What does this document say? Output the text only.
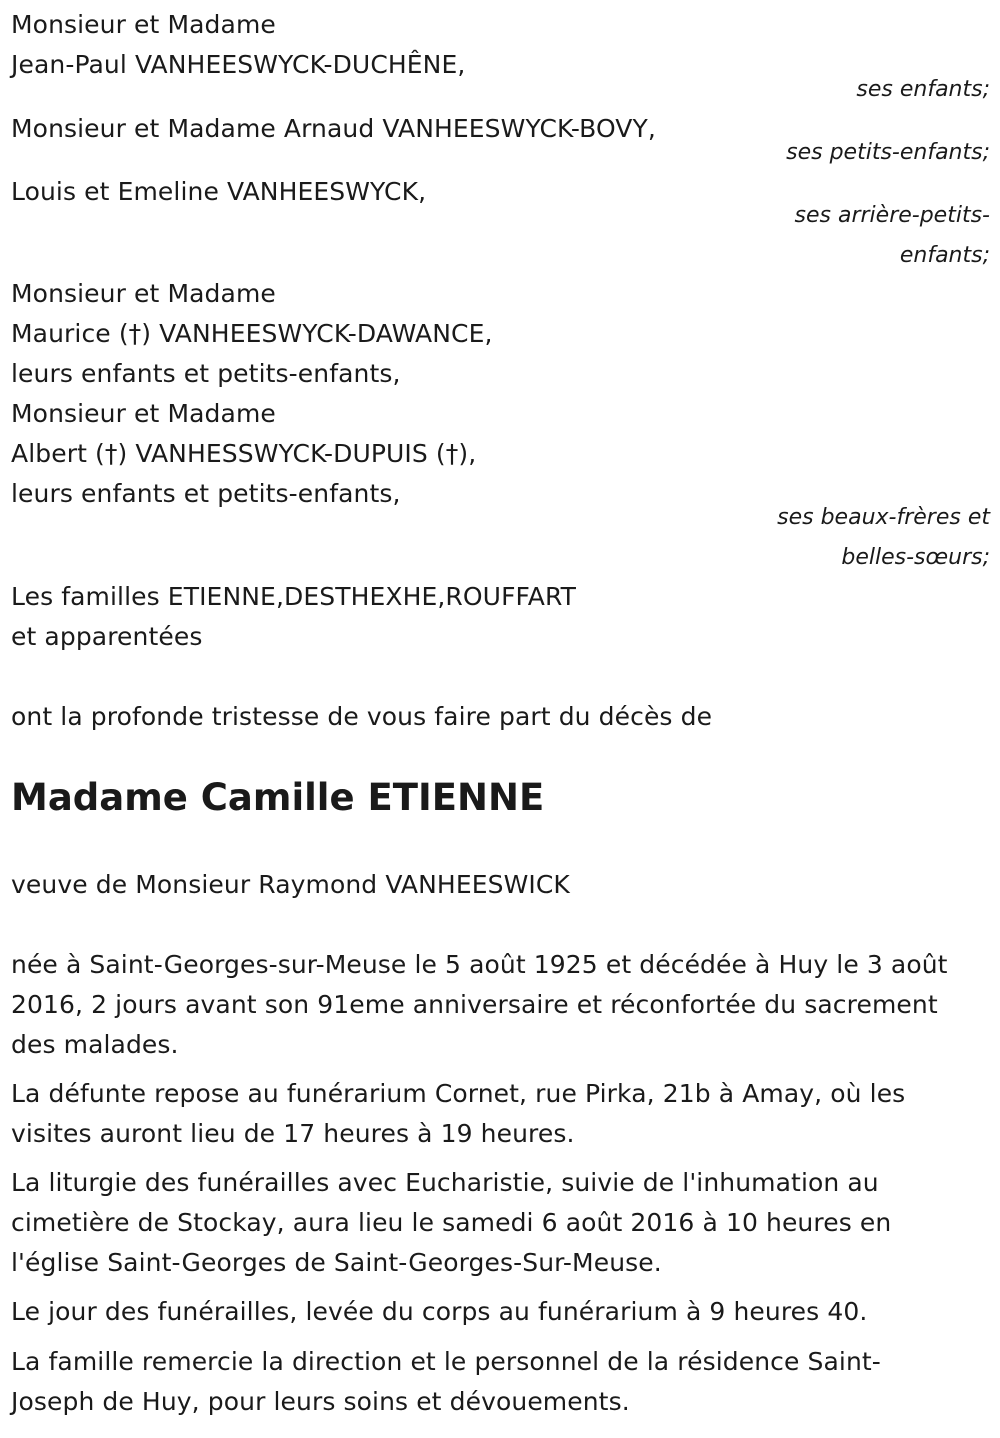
Monsieur et Madame
Jean-Paul VANHEESWYCK-DUCHÊNE,
ses enfants;
Monsieur et Madame Arnaud VANHEESWYCK-BOVY,
ses petits-enfants;
Louis et Emeline VANHEESWYCK,
ses arrière-petits-
enfants;
Monsieur et Madame
Maurice (†) VANHEESWYCK-DAWANCE,
leurs enfants et petits-enfants,
Monsieur et Madame
Albert (†) VANHESSWYCK-DUPUIS (†),
leurs enfants et petits-enfants,
ses beaux-frères et
belles-sœurs;
Les familles ETIENNE,DESTHEXHE,ROUFFART
et apparentées
ont la profonde tristesse de vous faire part du décès de
Madame Camille ETIENNE
veuve de Monsieur Raymond VANHEESWICK
née à Saint-Georges-sur-Meuse le 5 août 1925 et décédée à Huy le 3 août
2016, 2 jours avant son 91eme anniversaire et réconfortée du sacrement
des malades.
La défunte repose au funérarium Cornet, rue Pirka, 21b à Amay, où les
visites auront lieu de 17 heures à 19 heures.
La liturgie des funérailles avec Eucharistie, suivie de l'inhumation au
cimetière de Stockay, aura lieu le samedi 6 août 2016 à 10 heures en
l'église Saint-Georges de Saint-Georges-Sur-Meuse.
Le jour des funérailles, levée du corps au funérarium à 9 heures 40.
La famille remercie la direction et le personnel de la résidence Saint-
Joseph de Huy, pour leurs soins et dévouements.
